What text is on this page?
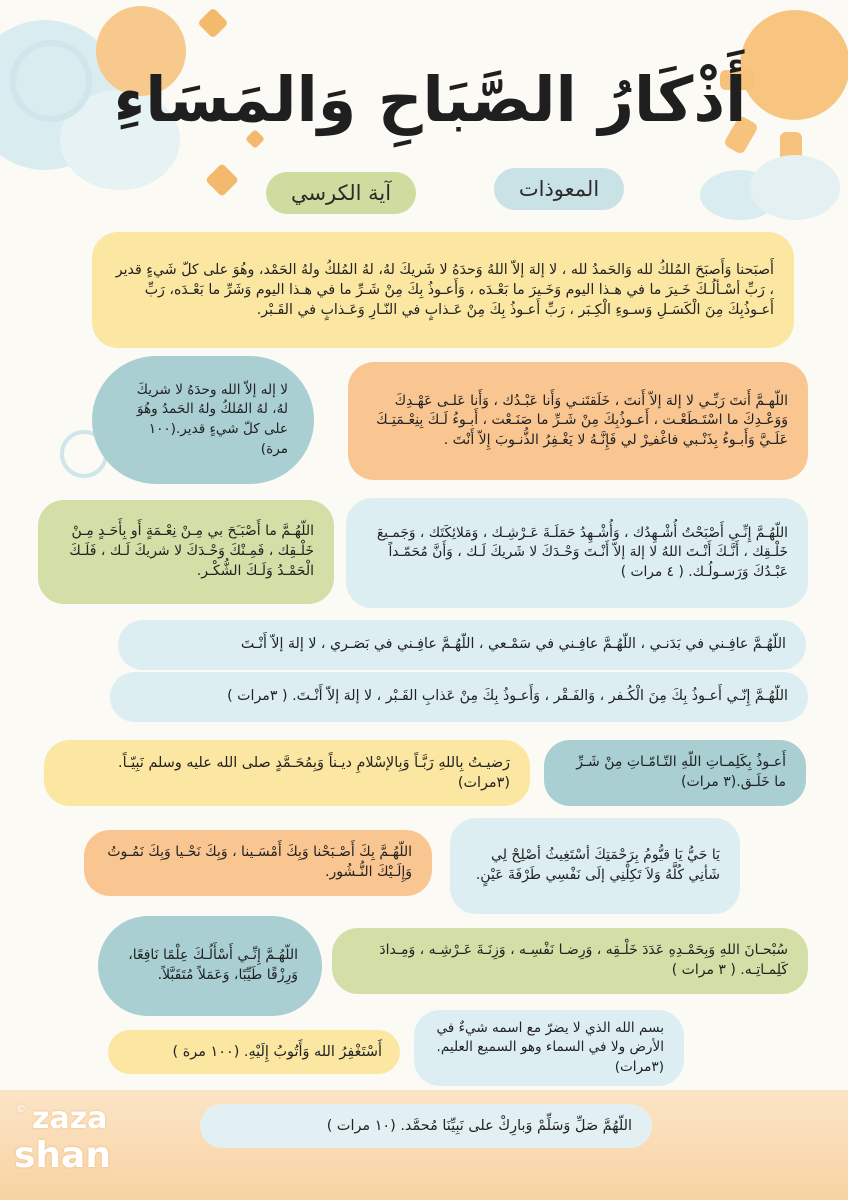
أَذْكَارُ الصَّبَاحِ وَالمَسَاءِ
المعوذات
آية الكرسي
أَصبَحنا وَأَصبَحَ المُلكُ لله وَالحَمدُ لله ، لا إلهَ إلاّ اللهُ وَحدَهُ لا شَريكَ لهُ، لهُ المُلكُ ولهُ الحَمْد، وهُوَ على كلّ شَيءٍ قدير ، رَبِّ أسْـألُـكَ خَـيرَ ما في هـذا اليوم وَخَـيرَ ما بَعْـدَه ، وَأَعـوذُ بِكَ مِنْ شَـرِّ ما في هـذا اليوم وَشَرِّ ما بَعْـدَه، رَبِّ أَعـوذُبِكَ مِنَ الْكَسَـلِ وَسـوءِ الْكِـبَر ، رَبِّ أَعـوذُ بِكَ مِنْ عَـذابٍ في النّـارِ وَعَـذابٍ في القَـبْر.
اللّهـمَّ أَنتَ رَبِّـي لا إلهَ إلاّ أَنتَ ، خَلَقتَنـي وَأَنا عَبْـدُك ، وَأَنا عَلـى عَهْـدِكَ وَوَعْـدِكَ ما اسْتَـطَعْـت ، أَعـوذُبِكَ مِنْ شَـرِّ ما صَنَـعْت ، أَبـوءُ لَـكَ بِنِعْـمَتِـكَ عَلَـيَّ وَأَبـوءُ بِذَنْـبي فاغْفـِرْ لي فَإِنَّـهُ لا يَغْـفِرُ الذُّنـوبَ إِلاّ أَنْتَ .
لا إله إلاّ الله وحدَهُ لا شريكَ لهُ، لهُ المُلكُ ولهُ الحَمدُ وهُوَ على كلّ شيءٍ قدير.(١٠٠ مرة)
اللّهُـمَّ إِنِّـي أَصْبَحْتُ أُشْـهِدُك ، وَأُشْـهِدُ حَمَلَـةَ عَـرْشِـك ، وَمَلائِكَتَك ، وَجَمـيعَ خَلْـقِك ، أَنَّـكَ أَنْـتَ اللهُ لا إلهَ إلاّ أَنْـتَ وَحْـدَكَ لا شَريكَ لَـك ، وَأَنَّ مُحَمّـداً عَبْـدُكَ وَرَسـولُـك. ( ٤ مرات )
اللّهُـمَّ ما أَصْبَـَحَ بي مِـنْ نِعْـمَةٍ أَو بِأَحَـدٍ مِـنْ خَلْـقِك ، فَمِـنْكَ وَحْـدَكَ لا شريكَ لَـك ، فَلَـكَ الْحَمْـدُ وَلَـكَ الشُّكْـر.
اللّهُـمَّ عافِـني في بَدَنـي ، اللّهُـمَّ عافِـني في سَمْـعي ، اللّهُـمَّ عافِـني في بَصَـري ، لا إلهَ إلاّ أَنْـتَ
اللّهُـمَّ إِنّـي أَعـوذُ بِكَ مِنَ الْكُـفر ، وَالفَـقْر ، وَأَعـوذُ بِكَ مِنْ عَذابِ القَـبْر ، لا إلهَ إلاّ أَنْـتَ. ( ٣مرات )
رَضيـتُ بِاللهِ رَبَّـاً وَبِالإسْلامِ ديـناً وَبِمُحَـمَّدٍ صلى الله عليه وسلم نَبِيّـاً. (٣مرات)
أَعـوذُ بِكَلِمـاتِ اللّهِ التّـامّـاتِ مِنْ شَـرِّ ما خَلَـق.(٣ مرات)
اللّهُـمَّ بِكَ أَصْـبَحْنا وَبِكَ أَمْسَـينا ، وَبِكَ نَحْـيا وَبِكَ نَمُـوتُ وَإِلَـيْكَ النُّـشُور.
يَا حَيُّ يَا قيُّومُ بِرَحْمَتِكَ أسْتَغِيثُ أصْلِحْ لِي شَأنِي كُلَّهُ وَلاَ تَكِلْنِي إلَى نَفْسِي طَرْفَةَ عَيْنٍ.
اللّهُـمَّ إِنِّـي أَسْأَلُـكَ عِلْمًا نَافِعًا، وَرِزْقًا طَيِّبًا، وَعَمَلاً مُتَقَبَّلاً.
سُبْحـانَ اللهِ وَبِحَمْـدِهِ عَدَدَ خَلْـقِه ، وَرِضـا نَفْسِـه ، وَزِنَـةَ عَـرْشِـه ، وَمِـدادَ كَلِمـاتِـه. ( ٣ مرات )
أَسْتَغْفِرُ الله وَأَتُوبُ إِلَيْهِ. (١٠٠ مرة )
بسم الله الذي لا يضرّ مع اسمه شيءٌ في الأرض ولا في السماء وهو السميع العليم.(٣مرات)
اللّهُمَّ صَلِّ وَسَلِّمْ وَبارِكْ على نَبِيِّنَا مُحمَّد. (١٠ مرات )
© zaza
shan
